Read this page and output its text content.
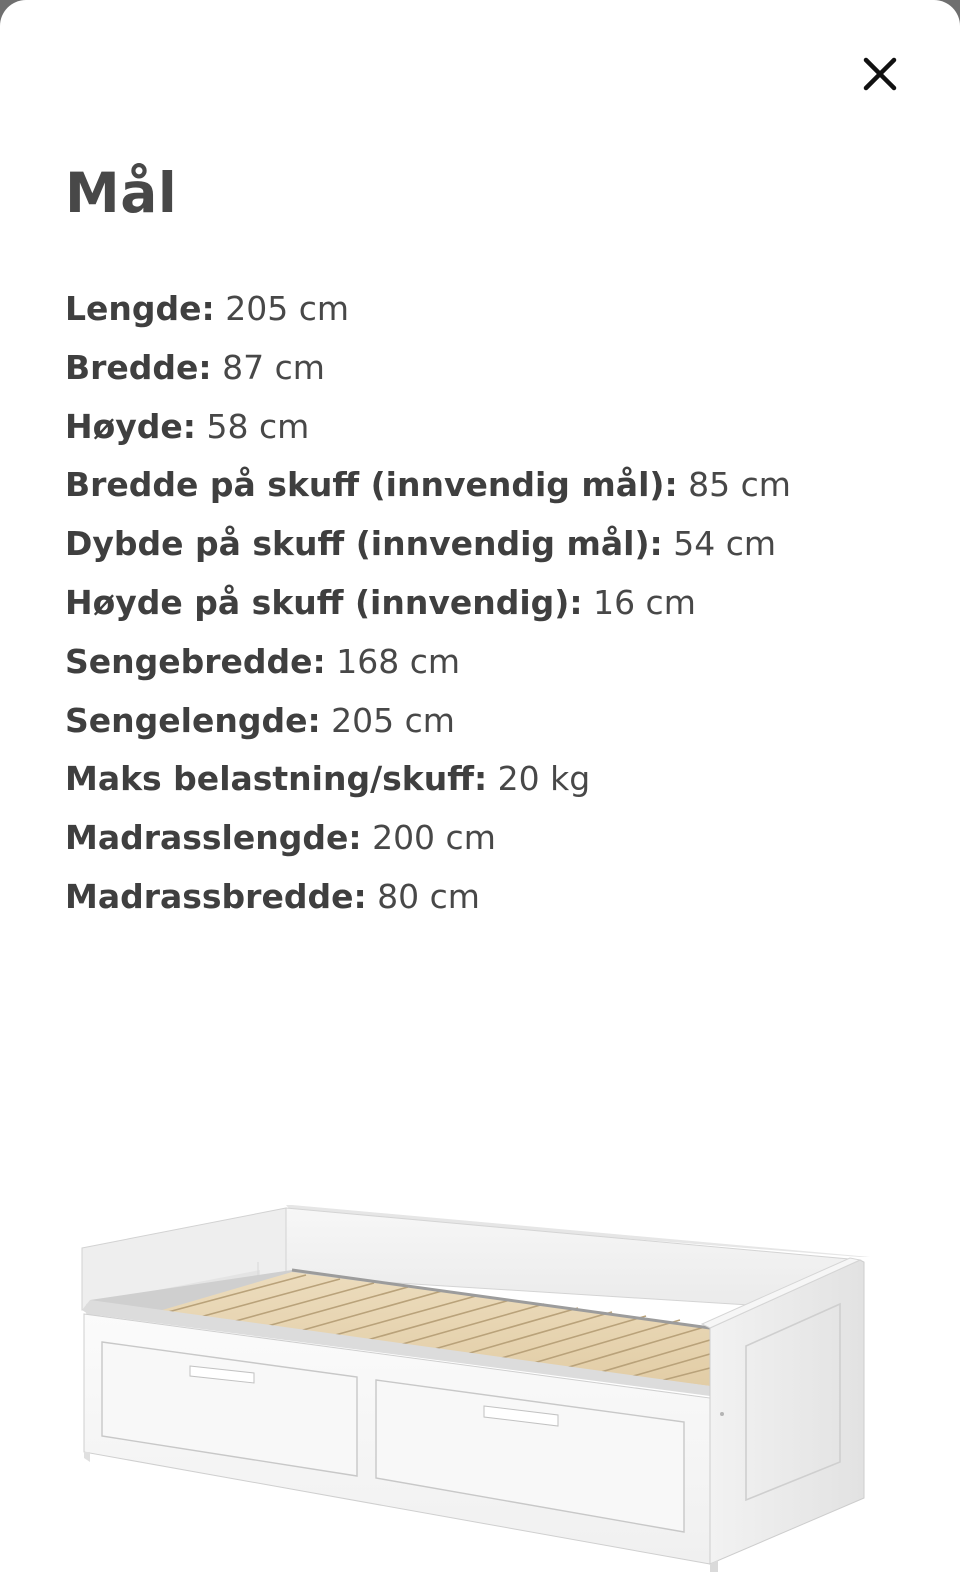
Mål
Lengde: 205 cm
Bredde: 87 cm
Høyde: 58 cm
Bredde på skuff (innvendig mål): 85 cm
Dybde på skuff (innvendig mål): 54 cm
Høyde på skuff (innvendig): 16 cm
Sengebredde: 168 cm
Sengelengde: 205 cm
Maks belastning/skuff: 20 kg
Madrasslengde: 200 cm
Madrassbredde: 80 cm
